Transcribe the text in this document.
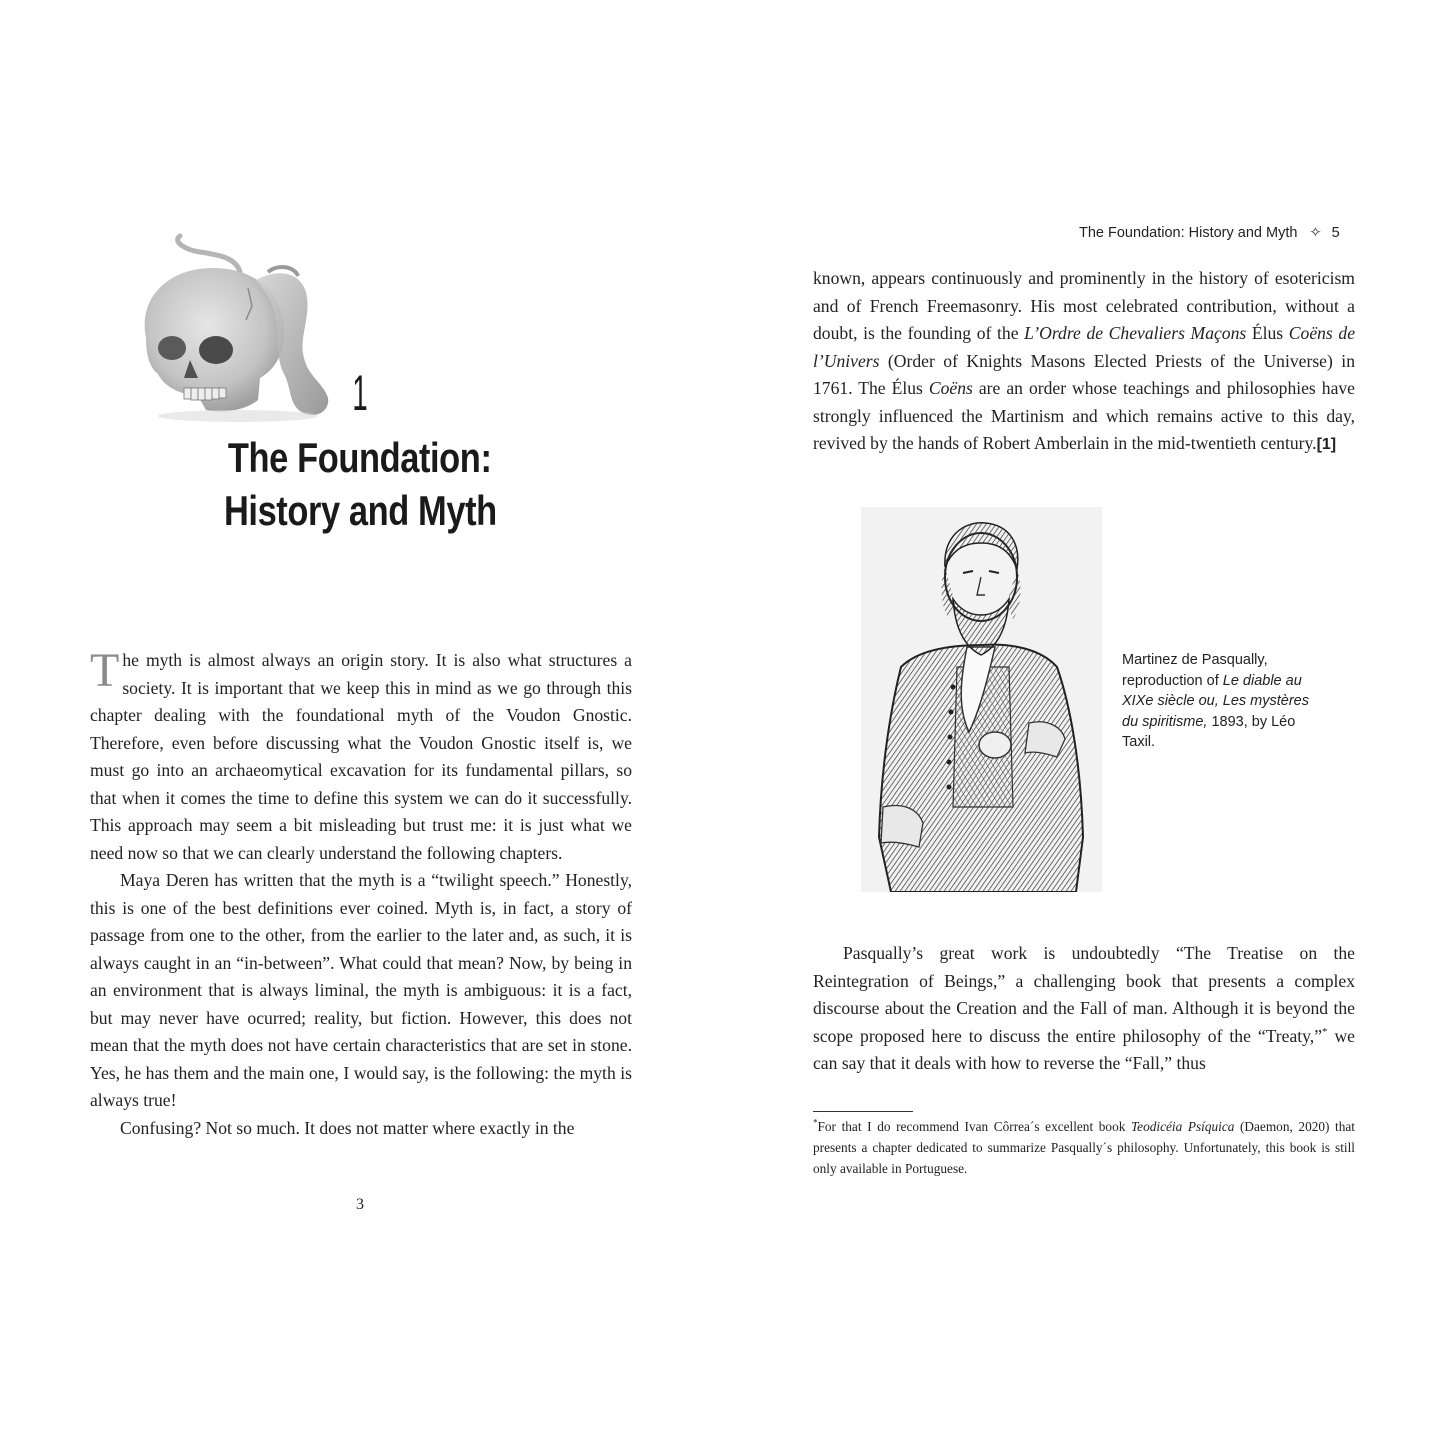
1
The Foundation:
History and Myth

The myth is almost always an origin story. It is also what structures a society. It is important that we keep this in mind as we go through this chapter dealing with the foundational myth of the Voudon Gnostic. Therefore, even before discussing what the Voudon Gnostic itself is, we must go into an archaeomytical excavation for its fundamental pillars, so that when it comes the time to define this system we can do it successfully. This approach may seem a bit misleading but trust me: it is just what we need now so that we can clearly understand the following chapters.

Maya Deren has written that the myth is a “twilight speech.” Honestly, this is one of the best definitions ever coined. Myth is, in fact, a story of passage from one to the other, from the earlier to the later and, as such, it is always caught in an “in-between”. What could that mean? Now, by being in an environment that is always liminal, the myth is ambiguous: it is a fact, but may never have ocurred; reality, but fiction. However, this does not mean that the myth does not have certain characteristics that are set in stone. Yes, he has them and the main one, I would say, is the following: the myth is always true!

Confusing? Not so much. It does not matter where exactly in the

3
The Foundation: History and Myth ✧ 5

known, appears continuously and prominently in the history of esotericism and of French Freemasonry. His most celebrated contribution, without a doubt, is the founding of the L’Ordre de Chevaliers Maçons Élus Coëns de l’Univers (Order of Knights Masons Elected Priests of the Universe) in 1761. The Élus Coëns are an order whose teachings and philosophies have strongly influenced the Martinism and which remains active to this day, revived by the hands of Robert Amberlain in the mid-twentieth century.[1]

Martinez de Pasqually, reproduction of Le diable au XIXe siècle ou, Les mystères du spiritisme, 1893, by Léo Taxil.

Pasqually’s great work is undoubtedly “The Treatise on the Reintegration of Beings,” a challenging book that presents a complex discourse about the Creation and the Fall of man. Although it is beyond the scope proposed here to discuss the entire philosophy of the “Treaty,”* we can say that it deals with how to reverse the “Fall,” thus

*For that I do recommend Ivan Côrrea´s excellent book Teodicéia Psíquica (Daemon, 2020) that presents a chapter dedicated to summarize Pasqually´s philosophy. Unfortunately, this book is still only available in Portuguese.
